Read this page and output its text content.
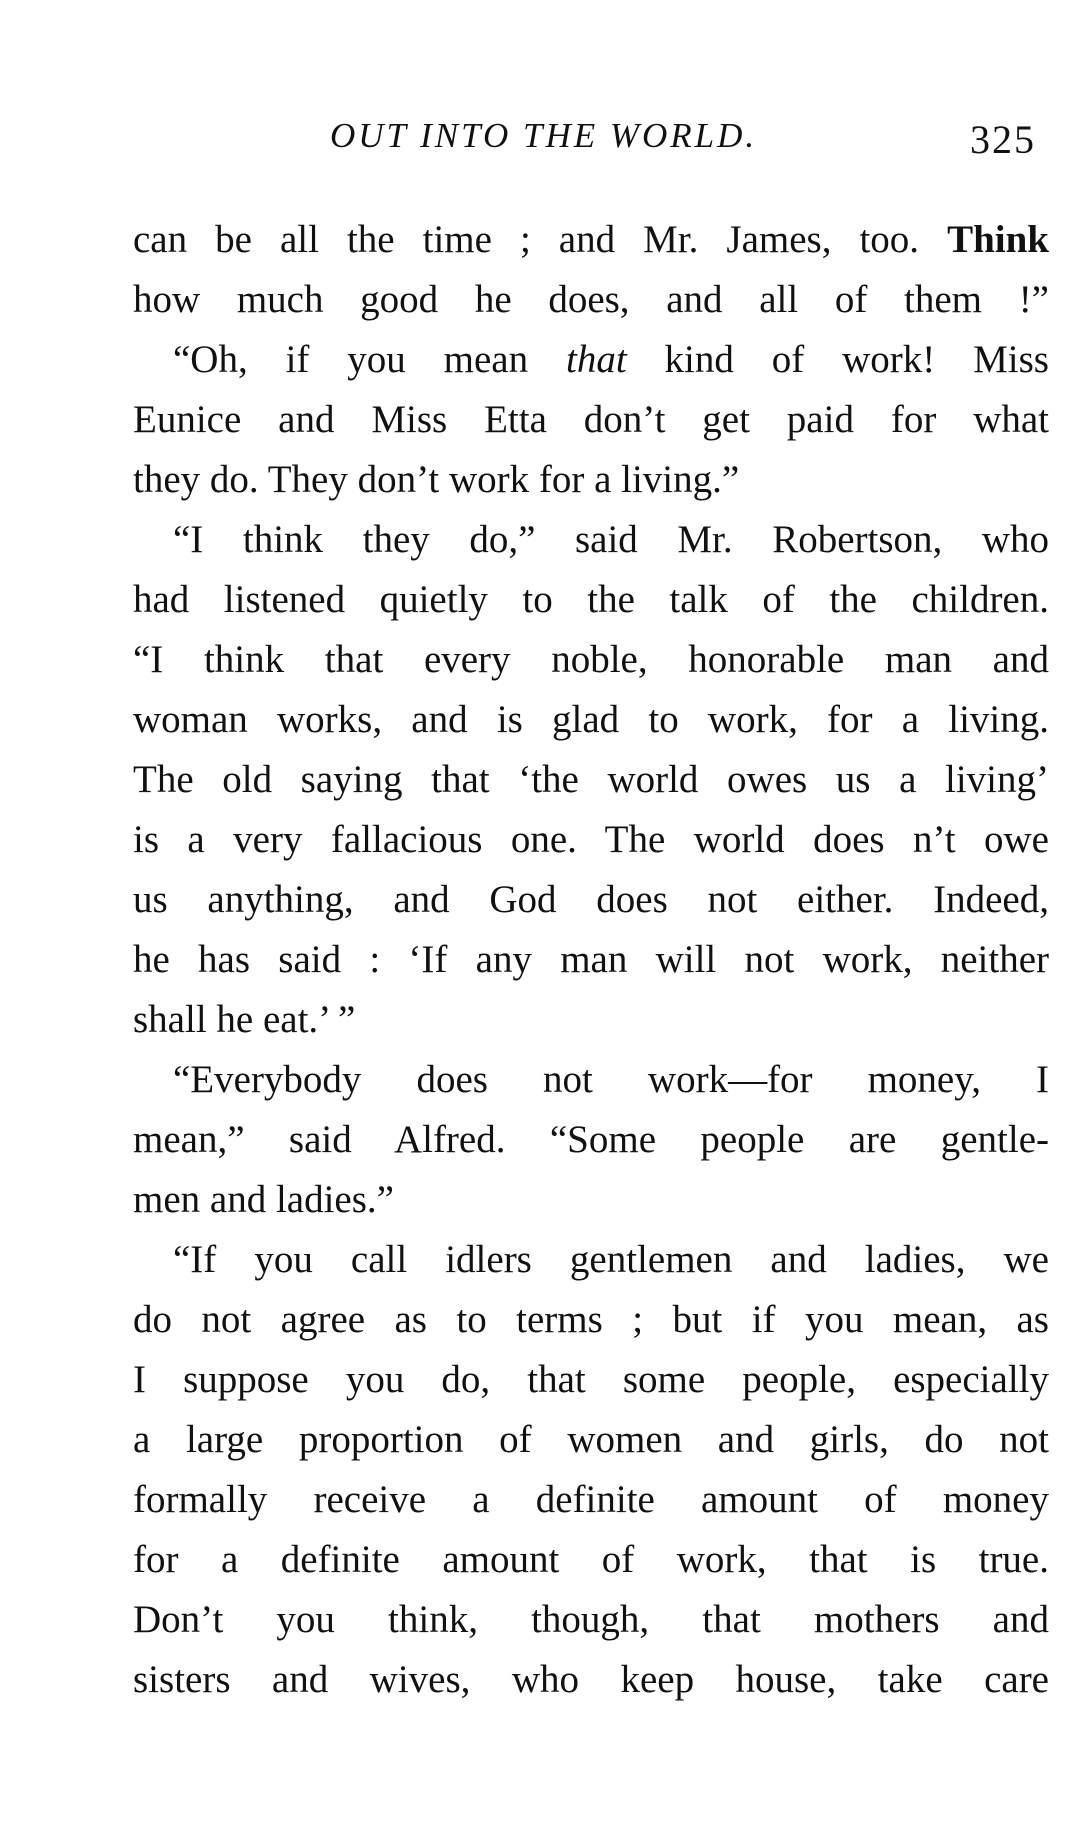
OUT INTO THE WORLD.	325
can be all the time ; and Mr. James, too. Think
how much good he does, and all of them !”
“Oh, if you mean that kind of work! Miss
Eunice and Miss Etta don’t get paid for what
they do. They don’t work for a living.”
“I think they do,” said Mr. Robertson, who
had listened quietly to the talk of the children.
“I think that every noble, honorable man and
woman works, and is glad to work, for a living.
The old saying that ‘the world owes us a living’
is a very fallacious one. The world does n’t owe
us anything, and God does not either. Indeed,
he has said : ‘If any man will not work, neither
shall he eat.’ ”
“Everybody does not work—for money, I
mean,” said Alfred. “Some people are gentle-
men and ladies.”
“If you call idlers gentlemen and ladies, we
do not agree as to terms ; but if you mean, as
I suppose you do, that some people, especially
a large proportion of women and girls, do not
formally receive a definite amount of money
for a definite amount of work, that is true.
Don’t you think, though, that mothers and
sisters and wives, who keep house, take care
